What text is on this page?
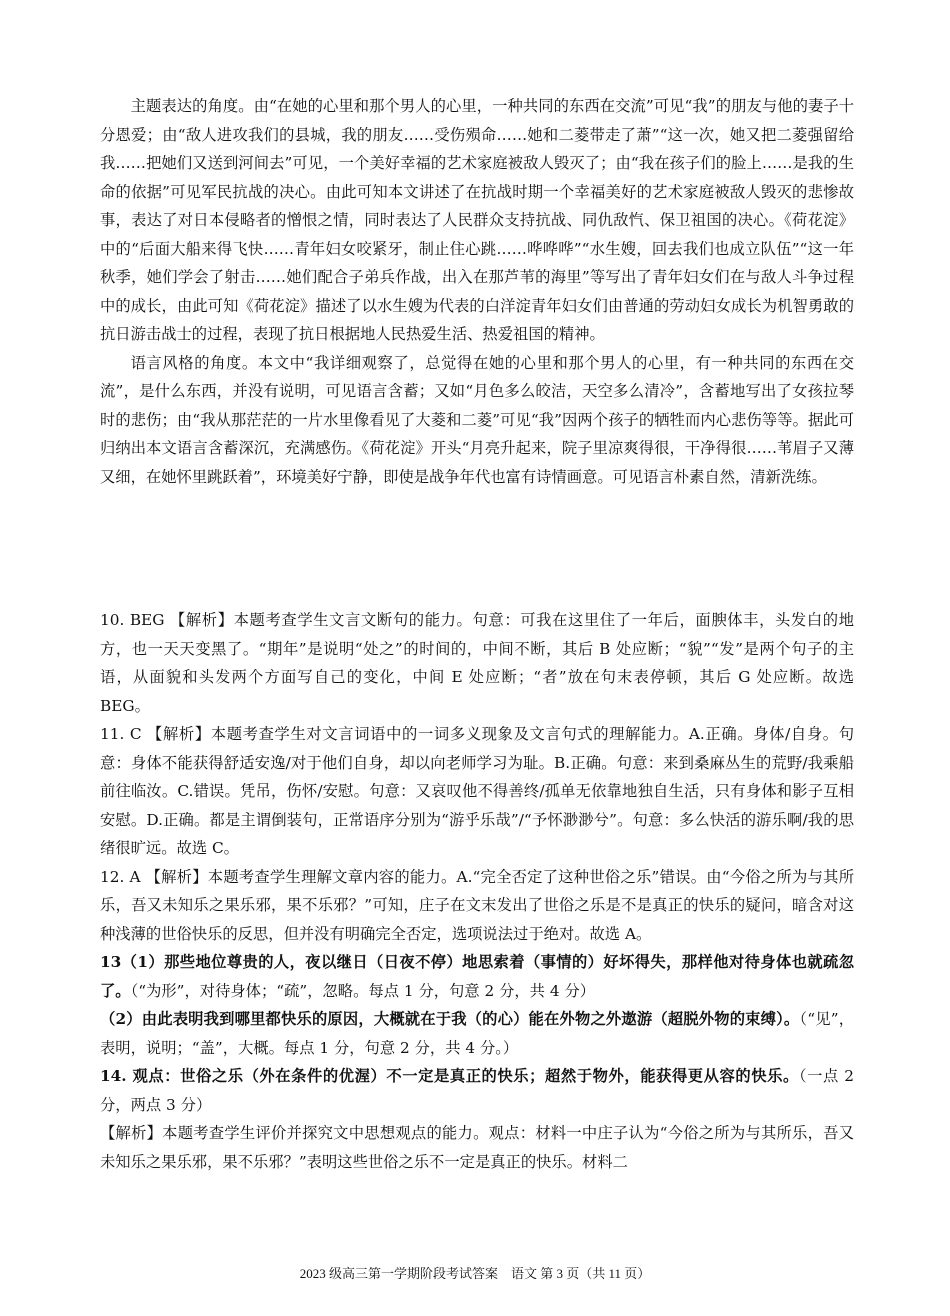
主题表达的角度。由“在她的心里和那个男人的心里，一种共同的东西在交流”可见“我”的朋友与他的妻子十分恩爱；由“敌人进攻我们的县城，我的朋友……受伤殒命……她和二菱带走了萧”“这一次，她又把二菱强留给我……把她们又送到河间去”可见，一个美好幸福的艺术家庭被敌人毁灭了；由“我在孩子们的脸上……是我的生命的依据”可见军民抗战的决心。由此可知本文讲述了在抗战时期一个幸福美好的艺术家庭被敌人毁灭的悲惨故事，表达了对日本侵略者的憎恨之情，同时表达了人民群众支持抗战、同仇敌忾、保卫祖国的决心。《荷花淀》中的“后面大船来得飞快……青年妇女咬紧牙，制止住心跳……哗哗哗”“水生嫂，回去我们也成立队伍”“这一年秋季，她们学会了射击……她们配合子弟兵作战，出入在那芦苇的海里”等写出了青年妇女们在与敌人斗争过程中的成长，由此可知《荷花淀》描述了以水生嫂为代表的白洋淀青年妇女们由普通的劳动妇女成长为机智勇敢的抗日游击战士的过程，表现了抗日根据地人民热爱生活、热爱祖国的精神。

语言风格的角度。本文中“我详细观察了，总觉得在她的心里和那个男人的心里，有一种共同的东西在交流”，是什么东西，并没有说明，可见语言含蓄；又如“月色多么皎洁，天空多么清冷”，含蓄地写出了女孩拉琴时的悲伤；由“我从那茫茫的一片水里像看见了大菱和二菱”可见“我”因两个孩子的牺牲而内心悲伤等等。据此可归纳出本文语言含蓄深沉，充满感伤。《荷花淀》开头“月亮升起来，院子里凉爽得很，干净得很……苇眉子又薄又细，在她怀里跳跃着”，环境美好宁静，即使是战争年代也富有诗情画意。可见语言朴素自然，清新洗练。

10. BEG 【解析】本题考查学生文言文断句的能力。句意：可我在这里住了一年后，面腴体丰，头发白的地方，也一天天变黑了。“期年”是说明“处之”的时间的，中间不断，其后 B 处应断；“貌”“发”是两个句子的主语，从面貌和头发两个方面写自己的变化，中间 E 处应断；“者”放在句末表停顿，其后 G 处应断。故选 BEG。

11. C 【解析】本题考查学生对文言词语中的一词多义现象及文言句式的理解能力。A.正确。身体/自身。句意：身体不能获得舒适安逸/对于他们自身，却以向老师学习为耻。B.正确。句意：来到桑麻丛生的荒野/我乘船前往临汝。C.错误。凭吊，伤怀/安慰。句意：又哀叹他不得善终/孤单无依靠地独自生活，只有身体和影子互相安慰。D.正确。都是主谓倒装句，正常语序分别为“游乎乐哉”/“予怀渺渺兮”。句意：多么快活的游乐啊/我的思绪很旷远。故选 C。

12. A 【解析】本题考查学生理解文章内容的能力。A.“完全否定了这种世俗之乐”错误。由“今俗之所为与其所乐，吾又未知乐之果乐邪，果不乐邪？”可知，庄子在文末发出了世俗之乐是不是真正的快乐的疑问，暗含对这种浅薄的世俗快乐的反思，但并没有明确完全否定，选项说法过于绝对。故选 A。

13（1）那些地位尊贵的人，夜以继日（日夜不停）地思索着（事情的）好坏得失，那样他对待身体也就疏忽了。（“为形”，对待身体；“疏”，忽略。每点 1 分，句意 2 分，共 4 分）

（2）由此表明我到哪里都快乐的原因，大概就在于我（的心）能在外物之外遨游（超脱外物的束缚）。（“见”，表明，说明；“盖”，大概。每点 1 分，句意 2 分，共 4 分。）

14. 观点：世俗之乐（外在条件的优渥）不一定是真正的快乐；超然于物外，能获得更从容的快乐。（一点 2 分，两点 3 分）

【解析】本题考查学生评价并探究文中思想观点的能力。观点：材料一中庄子认为“今俗之所为与其所乐，吾又未知乐之果乐邪，果不乐邪？”表明这些世俗之乐不一定是真正的快乐。材料二

2023 级高三第一学期阶段考试答案　语文 第 3 页（共 11 页）
